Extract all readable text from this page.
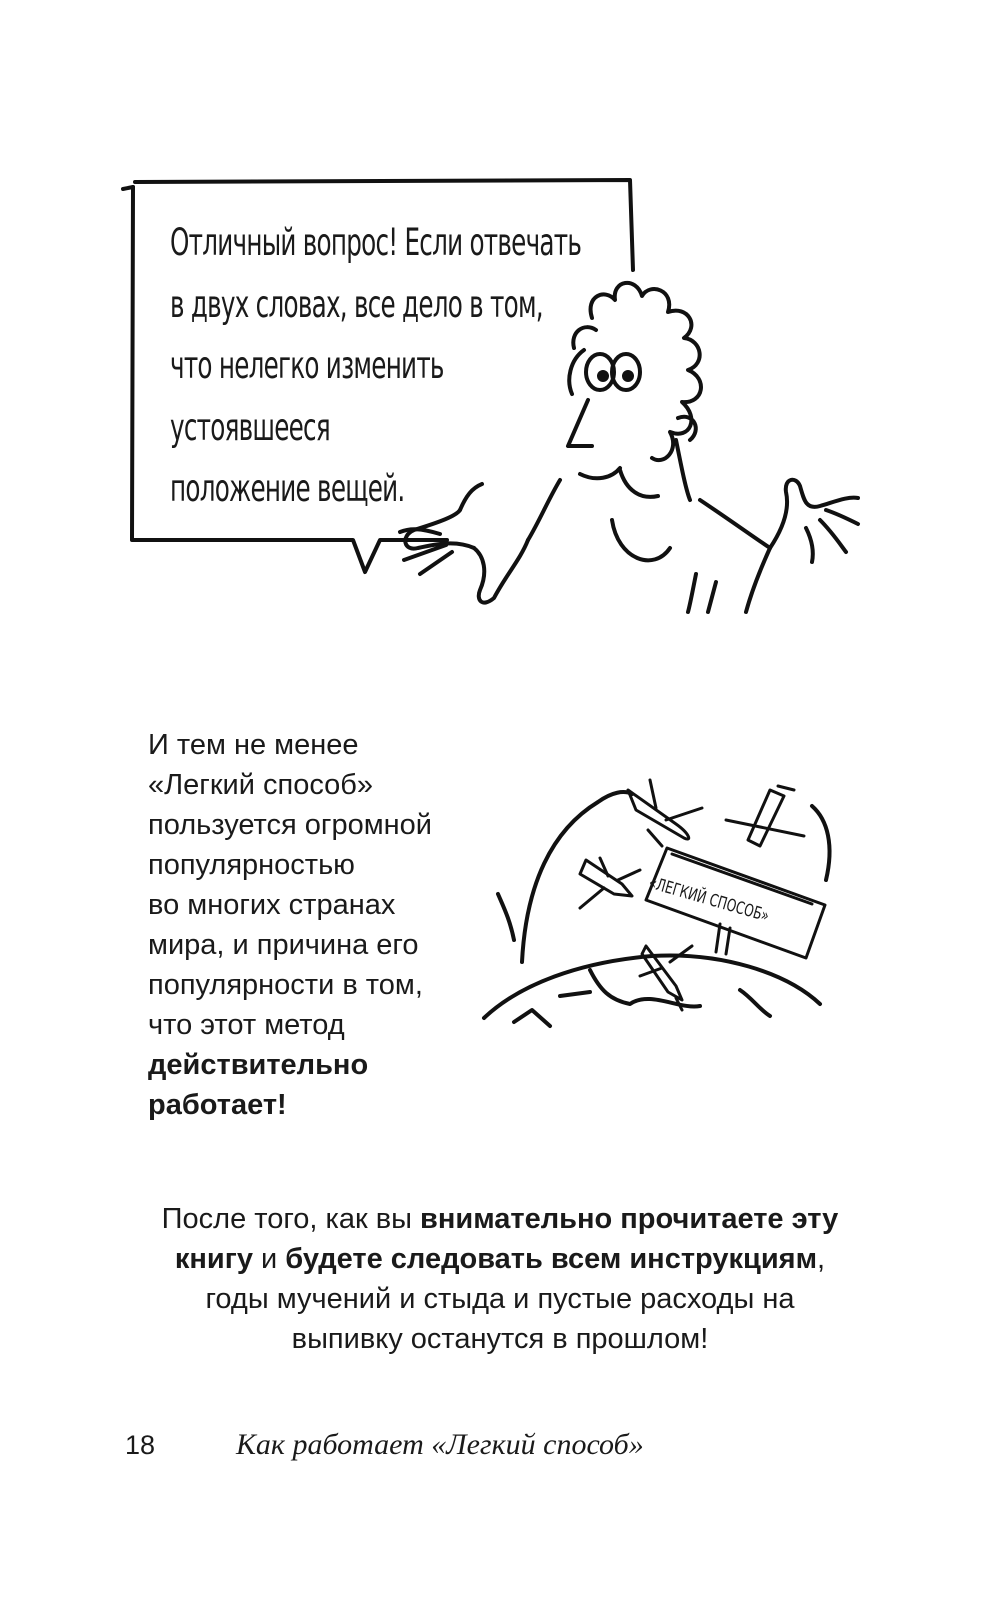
Отличный вопрос! Если отвечать
в двух словах, все дело в том,
что нелегко изменить
устоявшееся
положение вещей.
«ЛЕГКИЙ СПОСОБ»
И тем не менее
«Легкий способ»
пользуется огромной
популярностью
во многих странах
мира, и причина его
популярности в том,
что этот метод
действительно
работает!
После того, как вы внимательно прочитаете эту
книгу и будете следовать всем инструкциям,
годы мучений и стыда и пустые расходы на
выпивку останутся в прошлом!
18	Как работает «Легкий способ»
